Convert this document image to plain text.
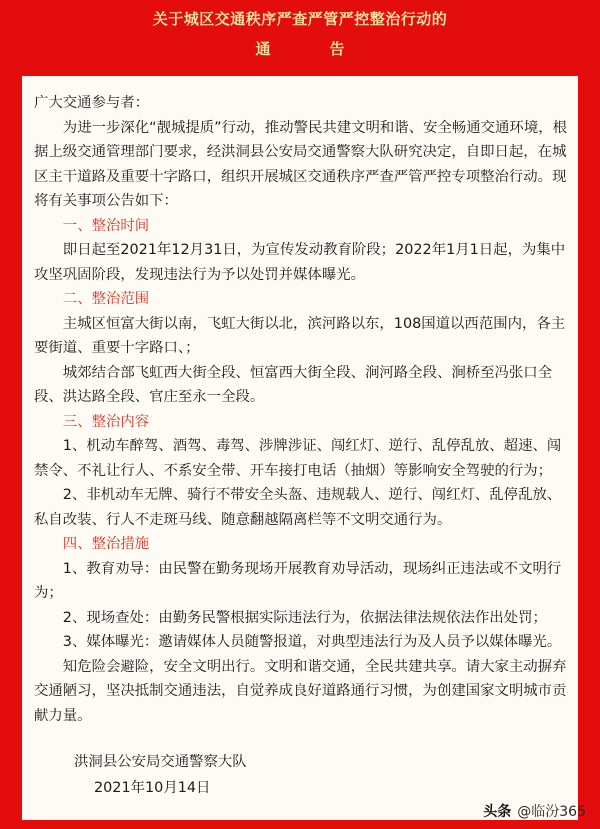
关于城区交通秩序严查严管严控整治行动的
通　告

广大交通参与者：

为进一步深化“靓城提质”行动，推动警民共建文明和谐、安全畅通交通环境，根据上级交通管理部门要求，经洪洞县公安局交通警察大队研究决定，自即日起，在城区主干道路及重要十字路口，组织开展城区交通秩序严查严管严控专项整治行动。现将有关事项公告如下：

一、整治时间

即日起至2021年12月31日，为宣传发动教育阶段；2022年1月1日起，为集中攻坚巩固阶段，发现违法行为予以处罚并媒体曝光。

二、整治范围

主城区恒富大街以南，飞虹大街以北，滨河路以东，108国道以西范围内，各主要街道、重要十字路口、；

城郊结合部飞虹西大街全段、恒富西大街全段、涧河路全段、涧桥至冯张口全段、洪达路全段、官庄至永一全段。

三、整治内容

1、机动车醉驾、酒驾、毒驾、涉牌涉证、闯红灯、逆行、乱停乱放、超速、闯禁令、不礼让行人、不系安全带、开车接打电话（抽烟）等影响安全驾驶的行为；

2、非机动车无牌、骑行不带安全头盔、违规载人、逆行、闯红灯、乱停乱放、私自改装、行人不走斑马线、随意翻越隔离栏等不文明交通行为。

四、整治措施

1、教育劝导：由民警在勤务现场开展教育劝导活动，现场纠正违法或不文明行为；

2、现场查处：由勤务民警根据实际违法行为，依据法律法规依法作出处罚；

3、媒体曝光：邀请媒体人员随警报道，对典型违法行为及人员予以媒体曝光。

知危险会避险，安全文明出行。文明和谐交通，全民共建共享。请大家主动摒弃交通陋习，坚决抵制交通违法，自觉养成良好道路通行习惯，为创建国家文明城市贡献力量。

洪洞县公安局交通警察大队
2021年10月14日
头条 @临汾365
